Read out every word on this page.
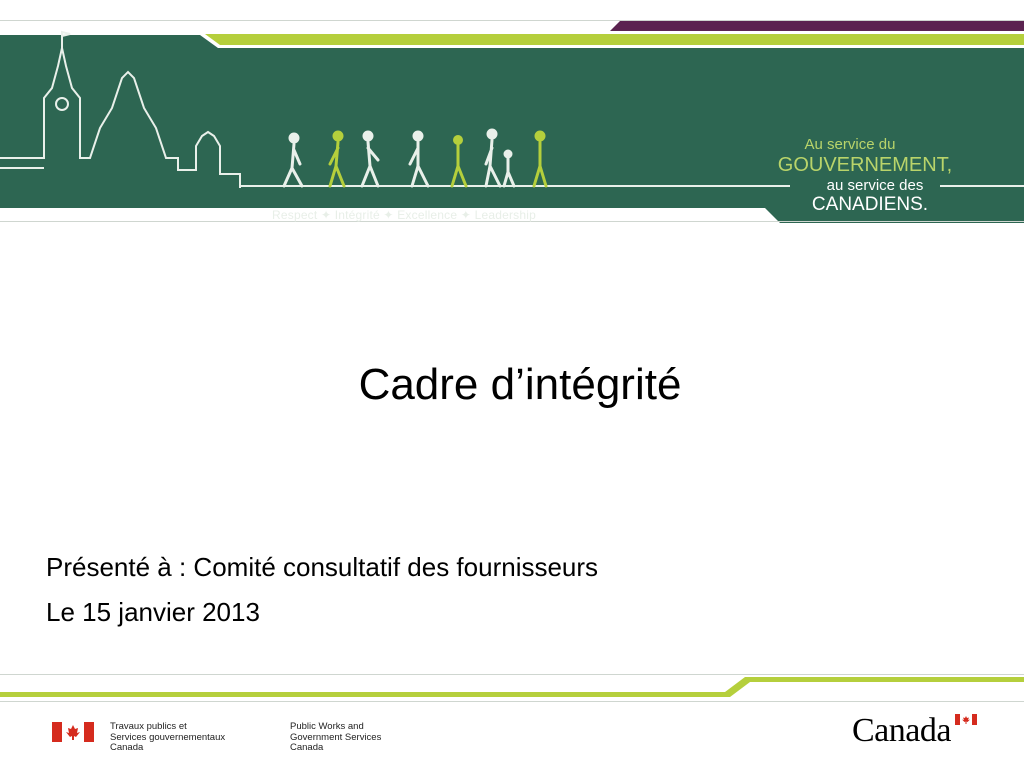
Respect ✦ Intégrité ✦ Excellence ✦ Leadership
Au service du
GOUVERNEMENT,
au service des
CANADIENS.
Cadre d’intégrité
Présenté à : Comité consultatif des fournisseurs
Le 15 janvier 2013
Travaux publics et
Services gouvernementaux
Canada
Public Works and
Government Services
Canada	Canada
